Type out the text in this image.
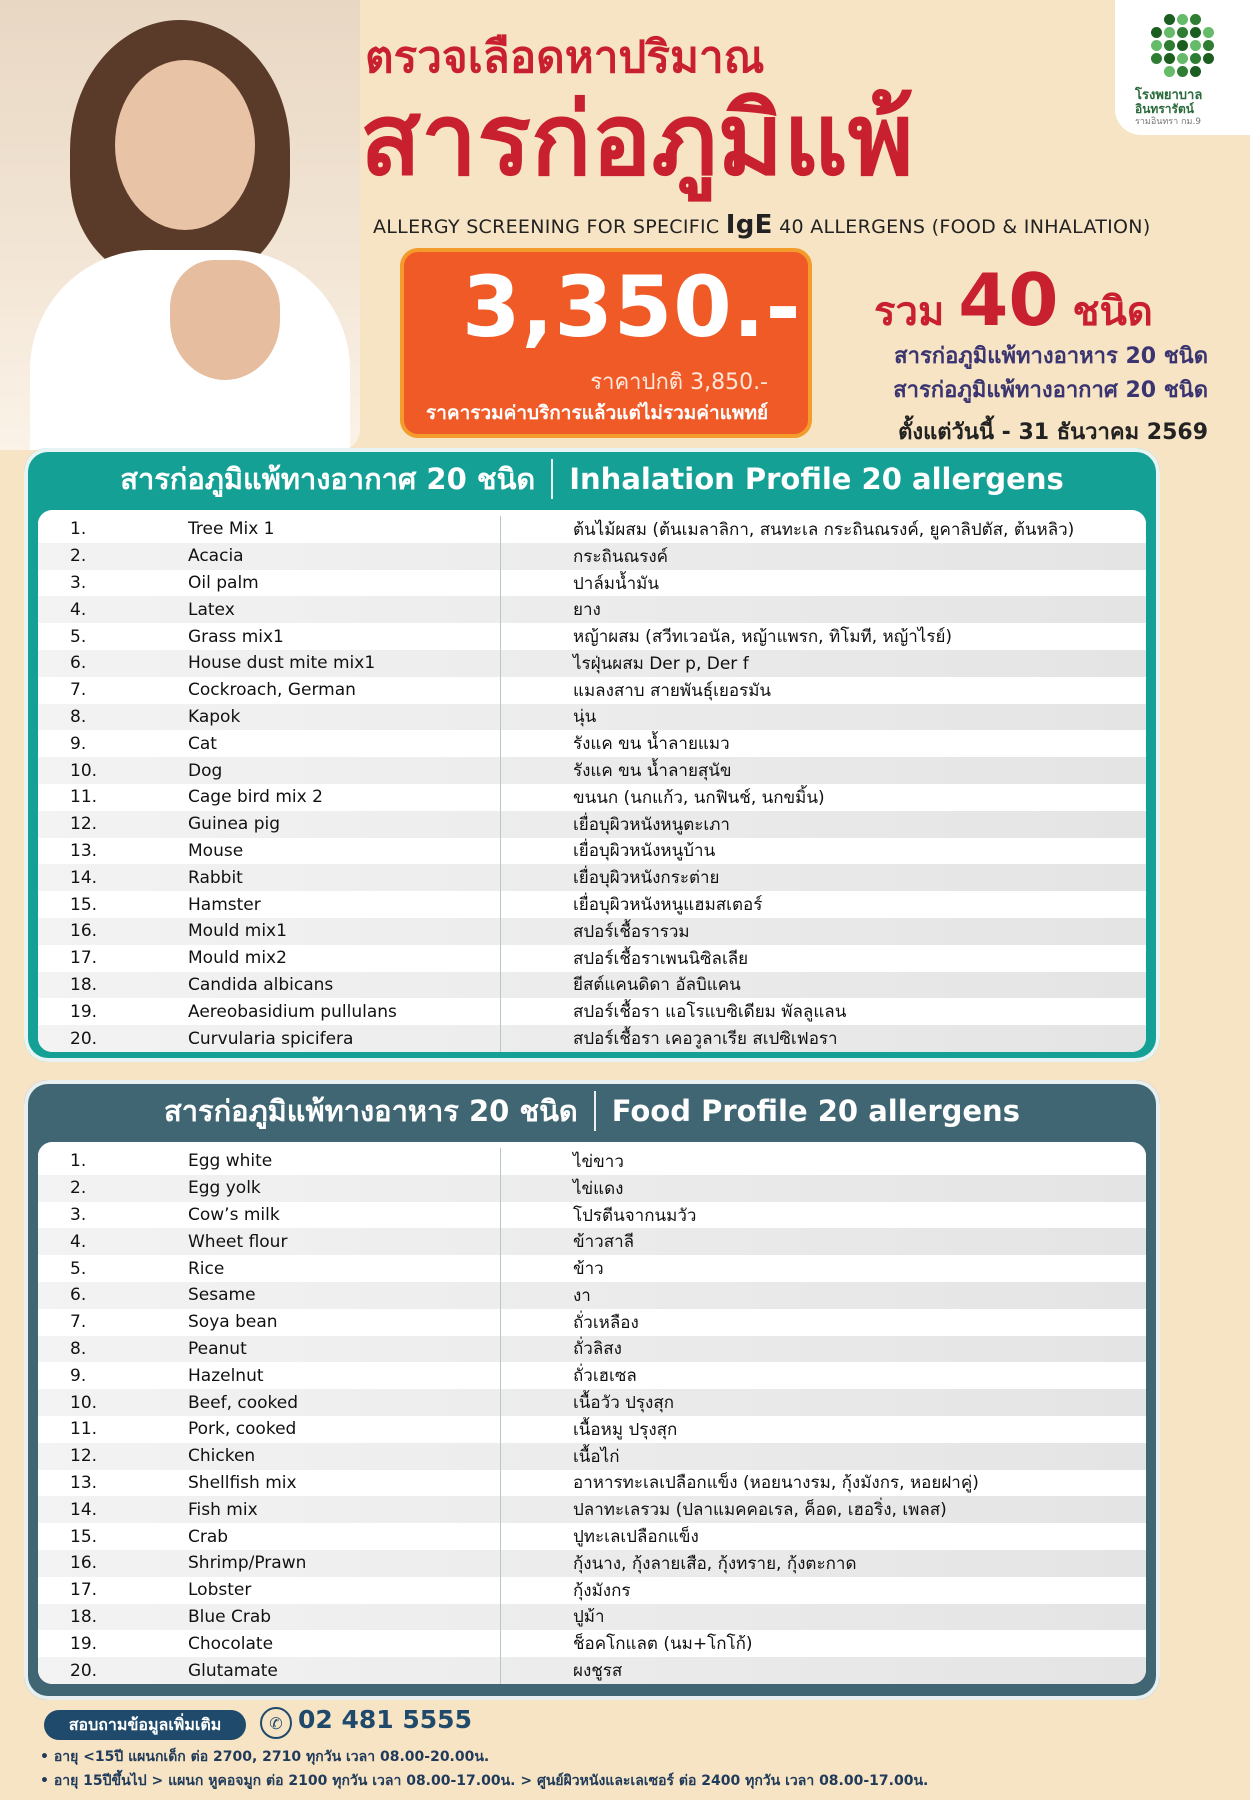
โรงพยาบาล
อินทรารัตน์
รามอินทรา กม.9
ตรวจเลือดหาปริมาณ
สารก่อภูมิแพ้
ALLERGY SCREENING FOR SPECIFIC IgE 40 ALLERGENS (FOOD & INHALATION)
3,350.-
ราคาปกติ 3,850.-
ราคารวมค่าบริการแล้วแต่ไม่รวมค่าแพทย์
รวม 40 ชนิด
สารก่อภูมิแพ้ทางอาหาร 20 ชนิด
สารก่อภูมิแพ้ทางอากาศ 20 ชนิด
ตั้งแต่วันนี้ - 31 ธันวาคม 2569
สารก่อภูมิแพ้ทางอากาศ 20 ชนิด Inhalation Profile 20 allergens
1.	Tree Mix 1	ต้นไม้ผสม (ต้นเมลาลิกา, สนทะเล กระถินณรงค์, ยูคาลิปตัส, ต้นหลิว)
2.	Acacia	กระถินณรงค์
3.	Oil palm	ปาล์มน้ำมัน
4.	Latex	ยาง
5.	Grass mix1	หญ้าผสม (สวีทเวอนัล, หญ้าแพรก, ทิโมที, หญ้าไรย์)
6.	House dust mite mix1	ไรฝุ่นผสม Der p, Der f
7.	Cockroach, German	แมลงสาบ สายพันธุ์เยอรมัน
8.	Kapok	นุ่น
9.	Cat	รังแค ขน น้ำลายแมว
10.	Dog	รังแค ขน น้ำลายสุนัข
11.	Cage bird mix 2	ขนนก (นกแก้ว, นกฟินช์, นกขมิ้น)
12.	Guinea pig	เยื่อบุผิวหนังหนูตะเภา
13.	Mouse	เยื่อบุผิวหนังหนูบ้าน
14.	Rabbit	เยื่อบุผิวหนังกระต่าย
15.	Hamster	เยื่อบุผิวหนังหนูแฮมสเตอร์
16.	Mould mix1	สปอร์เชื้อรารวม
17.	Mould mix2	สปอร์เชื้อราเพนนิซิลเลีย
18.	Candida albicans	ยีสต์แคนดิดา อัลบิแคน
19.	Aereobasidium pullulans	สปอร์เชื้อรา แอโรแบซิเดียม พัลลูแลน
20.	Curvularia spicifera	สปอร์เชื้อรา เคอวูลาเรีย สเปซิเฟอรา
สารก่อภูมิแพ้ทางอาหาร 20 ชนิด Food Profile 20 allergens
1.	Egg white	ไข่ขาว
2.	Egg yolk	ไข่แดง
3.	Cow’s milk	โปรตีนจากนมวัว
4.	Wheet flour	ข้าวสาลี
5.	Rice	ข้าว
6.	Sesame	งา
7.	Soya bean	ถั่วเหลือง
8.	Peanut	ถั่วลิสง
9.	Hazelnut	ถั่วเฮเซล
10.	Beef, cooked	เนื้อวัว ปรุงสุก
11.	Pork, cooked	เนื้อหมู ปรุงสุก
12.	Chicken	เนื้อไก่
13.	Shellfish mix	อาหารทะเลเปลือกแข็ง (หอยนางรม, กุ้งมังกร, หอยฝาคู่)
14.	Fish mix	ปลาทะเลรวม (ปลาแมคคอเรล, ค็อด, เฮอริ่ง, เพลส)
15.	Crab	ปูทะเลเปลือกแข็ง
16.	Shrimp/Prawn	กุ้งนาง, กุ้งลายเสือ, กุ้งทราย, กุ้งตะกาด
17.	Lobster	กุ้งมังกร
18.	Blue Crab	ปูม้า
19.	Chocolate	ช็อคโกแลต (นม+โกโก้)
20.	Glutamate	ผงชูรส
สอบถามข้อมูลเพิ่มเติม	✆ 02 481 5555
• อายุ <15ปี แผนกเด็ก ต่อ 2700, 2710 ทุกวัน เวลา 08.00-20.00น.
• อายุ 15ปีขึ้นไป > แผนก หูคอจมูก ต่อ 2100 ทุกวัน เวลา 08.00-17.00น. > ศูนย์ผิวหนังและเลเซอร์ ต่อ 2400 ทุกวัน เวลา 08.00-17.00น.
